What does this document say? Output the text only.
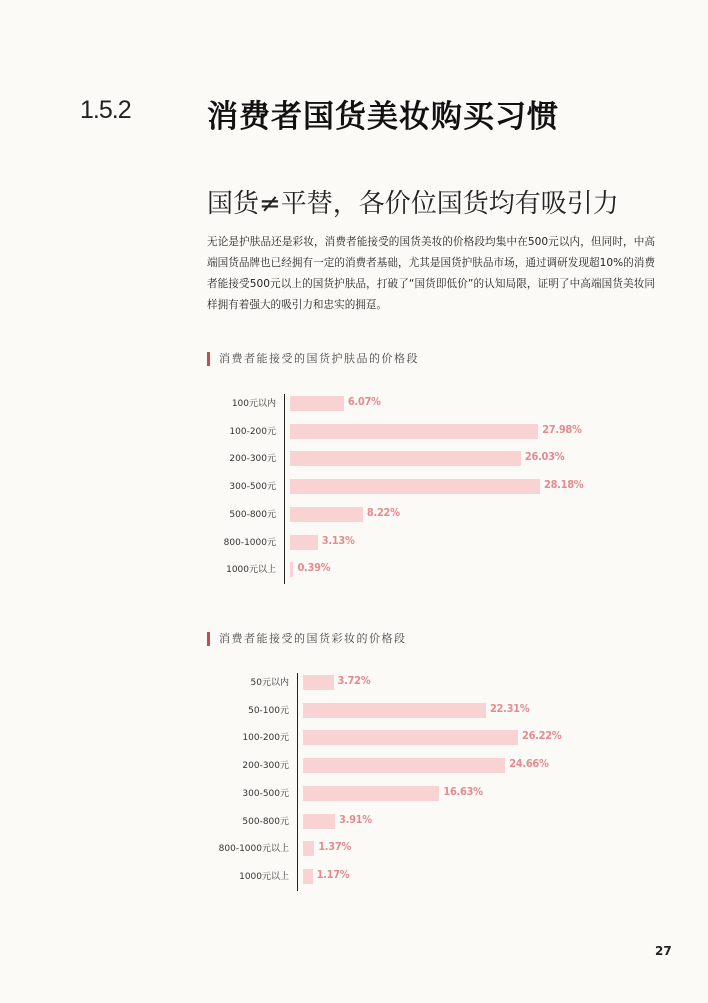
1.5.2 消费者国货美妆购买习惯
国货≠平替，各价位国货均有吸引力
无论是护肤品还是彩妆，消费者能接受的国货美妆的价格段均集中在500元以内，但同时，中高端国货品牌也已经拥有一定的消费者基础，尤其是国货护肤品市场，通过调研发现超10%的消费者能接受500元以上的国货护肤品，打破了“国货即低价”的认知局限，证明了中高端国货美妆同样拥有着强大的吸引力和忠实的拥趸。
消费者能接受的国货护肤品的价格段
100元以内	6.07%
100-200元	27.98%
200-300元	26.03%
300-500元	28.18%
500-800元	8.22%
800-1000元	3.13%
1000元以上 0.39%
消费者能接受的国货彩妆的价格段
50元以内	3.72%
50-100元	22.31%
100-200元	26.22%
200-300元	24.66%
300-500元	16.63%
500-800元	3.91%
800-1000元以上	1.37%
1000元以上	1.17%
27
